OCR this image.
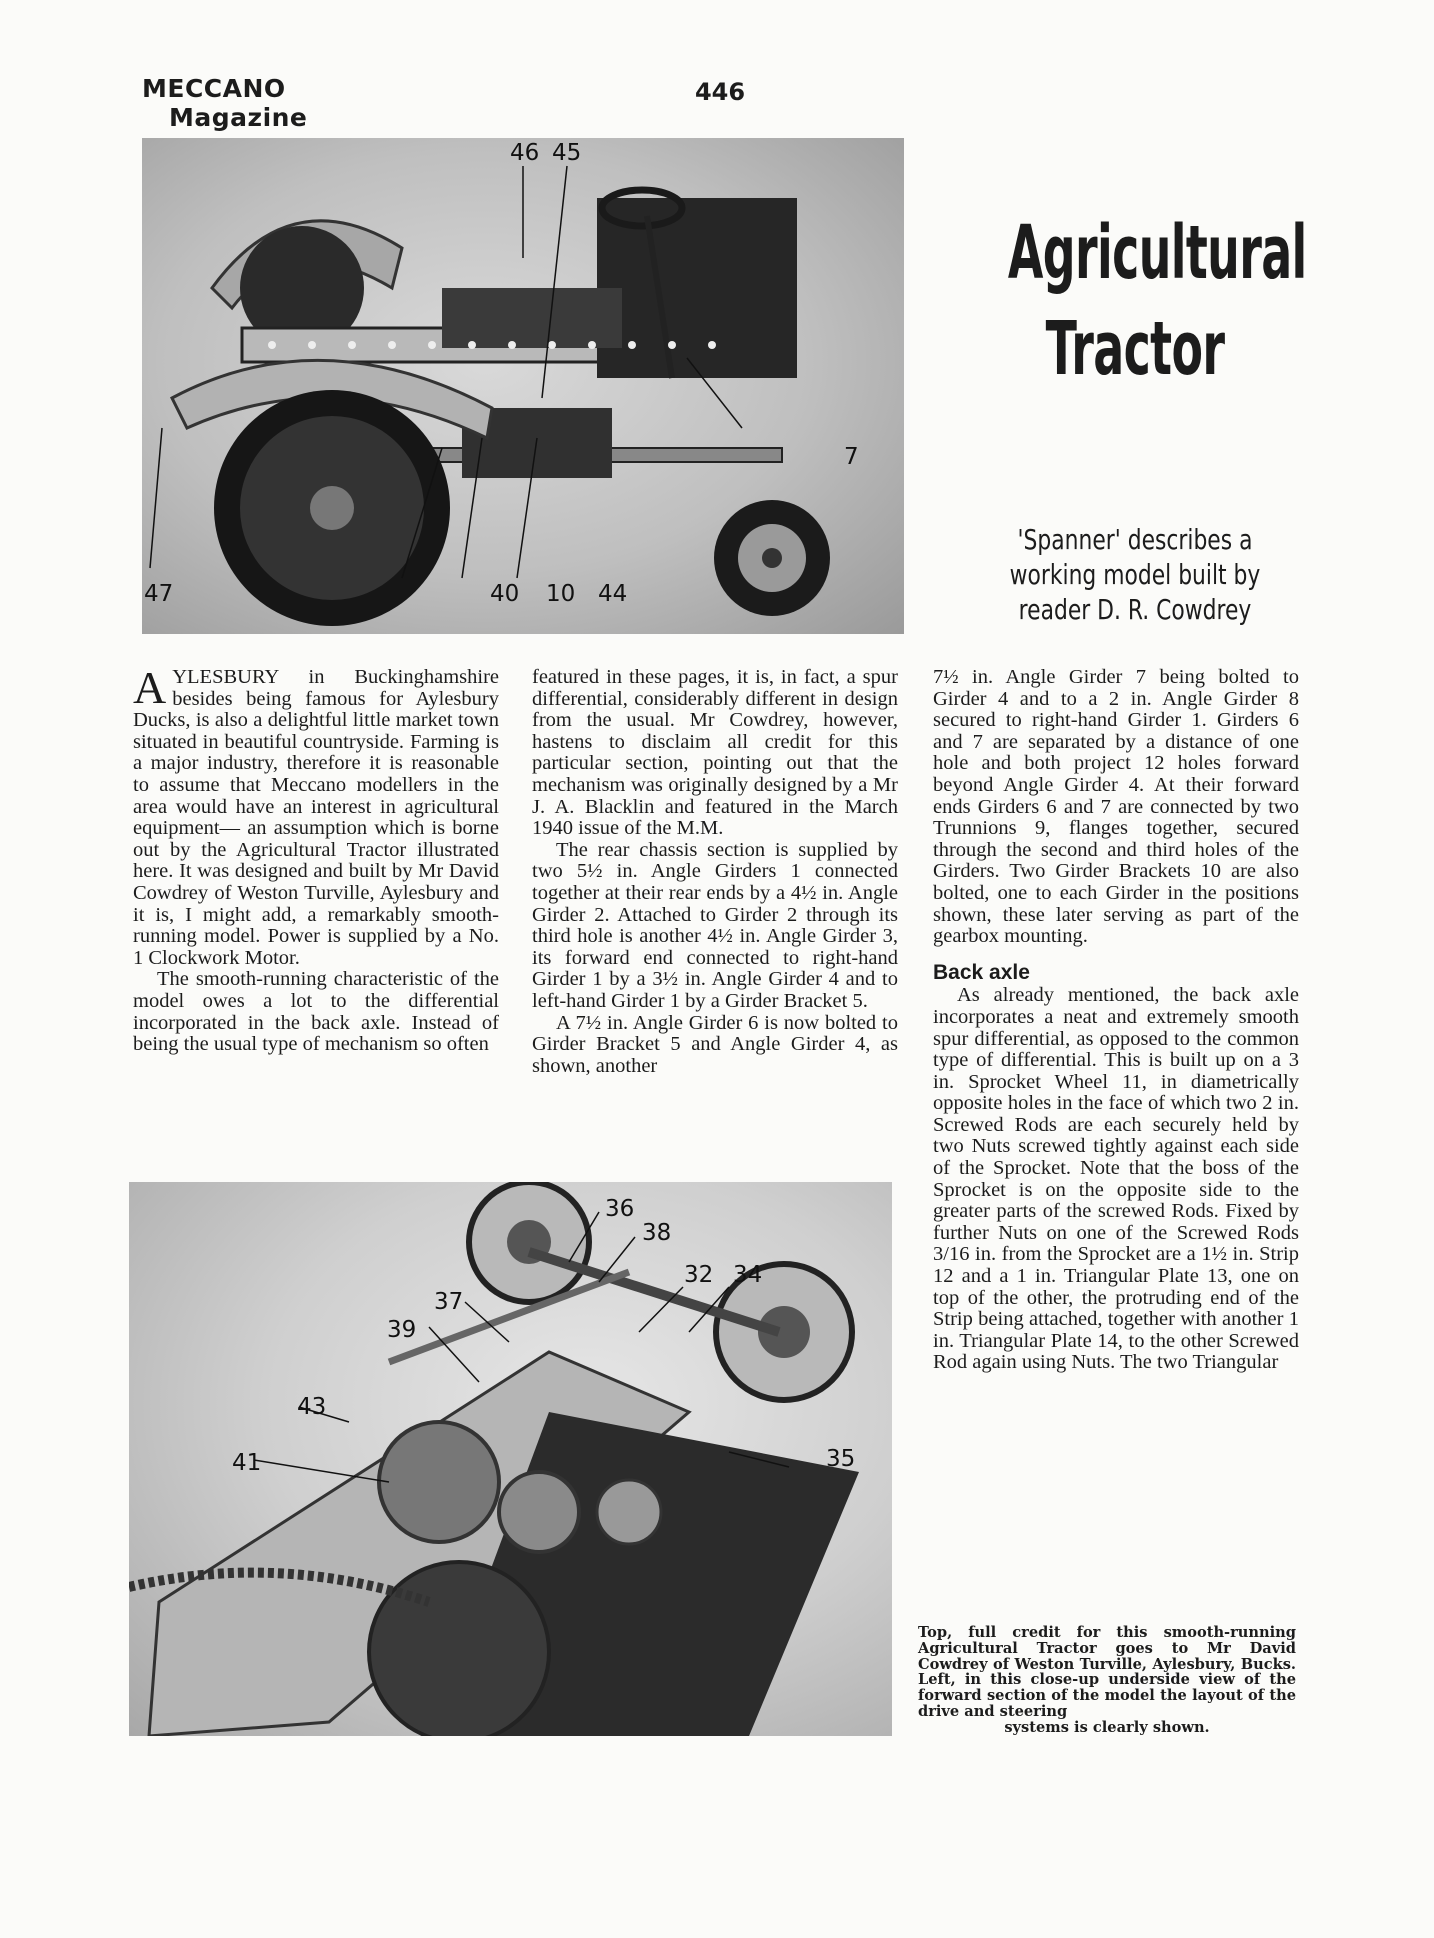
MECCANO
Magazine
446
46 45
7
47	40 10 44
Agricultural
Tractor
'Spanner' describes a working model built by reader D. R. Cowdrey

A YLESBURY in Buckinghamshire besides being famous for Aylesbury Ducks, is also a delightful little market town situated in beautiful countryside. Farming is a major industry, therefore it is reasonable to assume that Meccano modellers in the area would have an interest in agricultural equipment— an assumption which is borne out by the Agricultural Tractor illustrated here. It was designed and built by Mr David Cowdrey of Weston Turville, Aylesbury and it is, I might add, a remarkably smooth-running model. Power is supplied by a No. 1 Clockwork Motor.

The smooth-running characteristic of the model owes a lot to the differential incorporated in the back axle. Instead of being the usual type of mechanism so often

featured in these pages, it is, in fact, a spur differential, considerably different in design from the usual. Mr Cowdrey, however, hastens to disclaim all credit for this particular section, pointing out that the mechanism was originally designed by a Mr J. A. Blacklin and featured in the March 1940 issue of the M.M.

The rear chassis section is supplied by two 5½ in. Angle Girders 1 connected together at their rear ends by a 4½ in. Angle Girder 2. Attached to Girder 2 through its third hole is another 4½ in. Angle Girder 3, its forward end connected to right-hand Girder 1 by a 3½ in. Angle Girder 4 and to left-hand Girder 1 by a Girder Bracket 5.

A 7½ in. Angle Girder 6 is now bolted to Girder Bracket 5 and Angle Girder 4, as shown, another

7½ in. Angle Girder 7 being bolted to Girder 4 and to a 2 in. Angle Girder 8 secured to right-hand Girder 1. Girders 6 and 7 are separated by a distance of one hole and both project 12 holes forward beyond Angle Girder 4. At their forward ends Girders 6 and 7 are connected by two Trunnions 9, flanges together, secured through the second and third holes of the Girders. Two Girder Brackets 10 are also bolted, one to each Girder in the positions shown, these later serving as part of the gearbox mounting.

Back axle

As already mentioned, the back axle incorporates a neat and extremely smooth spur differential, as opposed to the common type of differential. This is built up on a 3 in. Sprocket Wheel 11, in diametrically opposite holes in the face of which two 2 in. Screwed Rods are each securely held by two Nuts screwed tightly against each side of the Sprocket. Note that the boss of the Sprocket is on the opposite side to the greater parts of the screwed Rods. Fixed by further Nuts on one of the Screwed Rods 3/16 in. from the Sprocket are a 1½ in. Strip 12 and a 1 in. Triangular Plate 13, one on top of the other, the protruding end of the Strip being attached, together with another 1 in. Triangular Plate 14, to the other Screwed Rod again using Nuts. The two Triangular

36
38
32 34
37
39
43
41	35
Top, full credit for this smooth-running Agricultural Tractor goes to Mr David Cowdrey of Weston Turville, Aylesbury, Bucks. Left, in this close-up underside view of the forward section of the model the layout of the drive and steering
systems is clearly shown.
